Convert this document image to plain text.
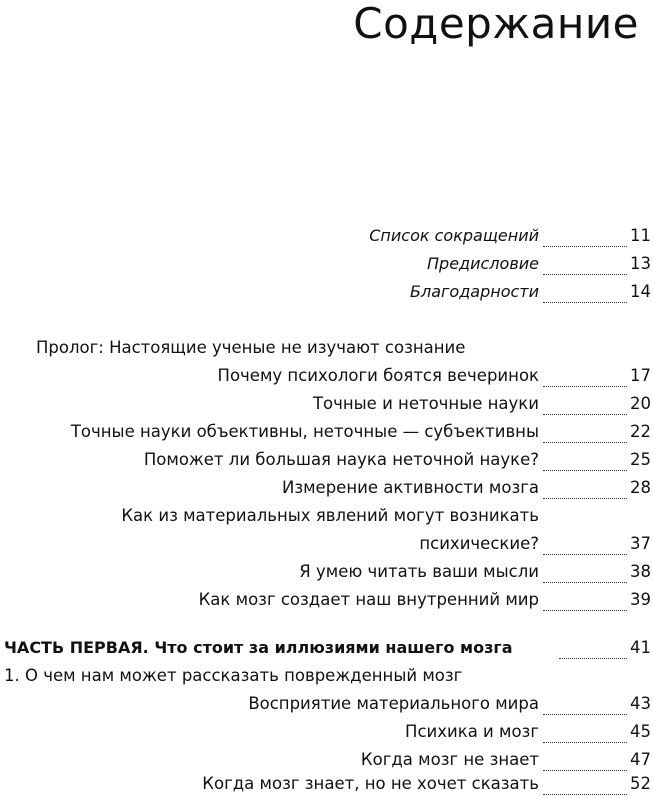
Содержание
Список сокращений	11
Предисловие	13
Благодарности	14
Пролог: Настоящие ученые не изучают сознание
Почему психологи боятся вечеринок	17
Точные и неточные науки	20
Точные науки объективны, неточные — субъективны	22
Поможет ли большая наука неточной науке?	25
Измерение активности мозга	28
Как из материальных явлений могут возникать
психические?	37
Я умею читать ваши мысли	38
Как мозг создает наш внутренний мир	39
ЧАСТЬ ПЕРВАЯ. Что стоит за иллюзиями нашего мозга	41
1. О чем нам может рассказать поврежденный мозг
Восприятие материального мира	43
Психика и мозг	45
Когда мозг не знает	47
Когда мозг знает, но не хочет сказать	52
